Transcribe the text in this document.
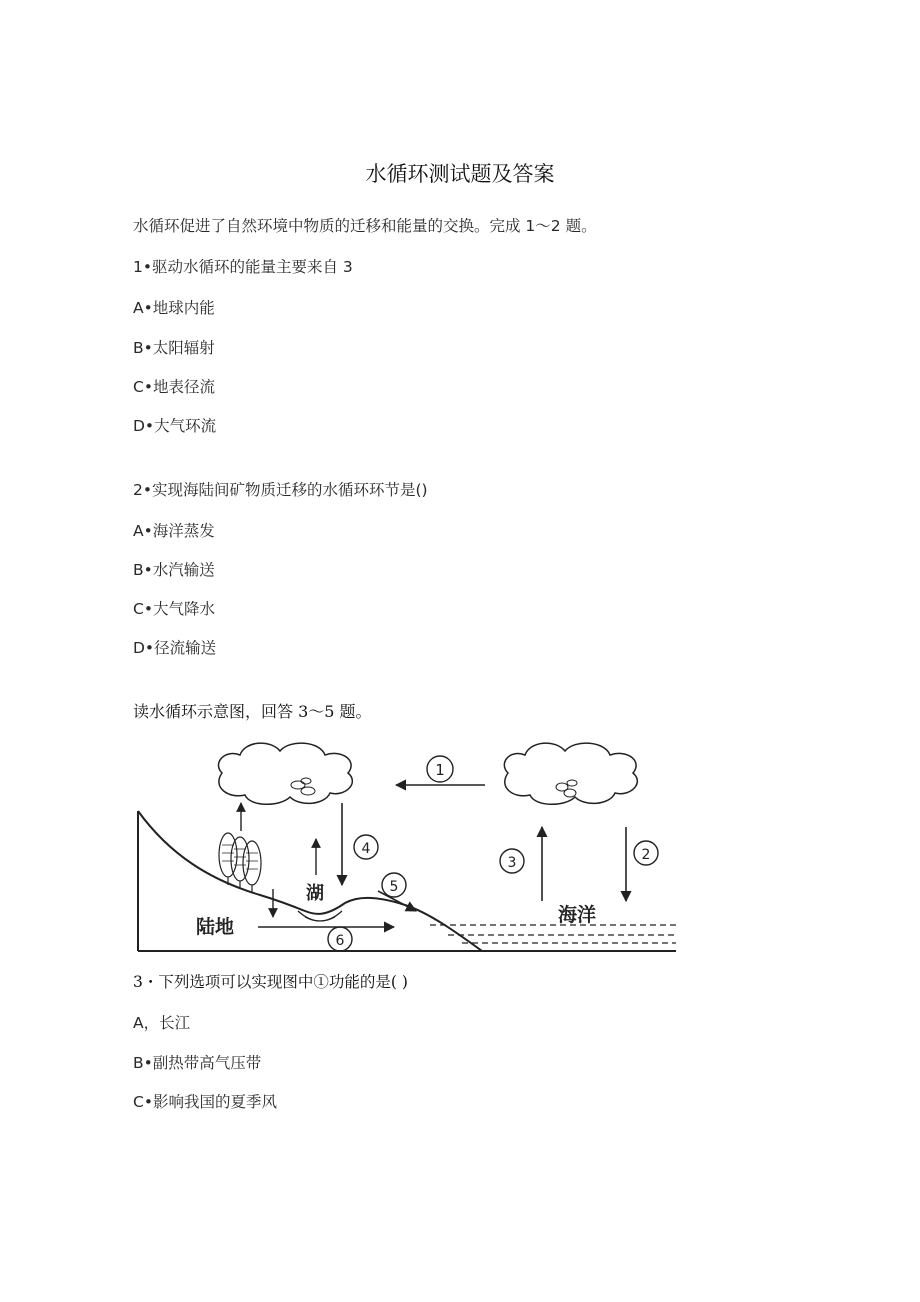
水循环测试题及答案
水循环促进了自然环境中物质的迁移和能量的交换。完成 1～2 题。
1•驱动水循环的能量主要来自 3
A•地球内能
B•太阳辐射
C•地表径流
D•大气环流
2•实现海陆间矿物质迁移的水循环环节是()
A•海洋蒸发
B•水汽输送
C•大气降水
D•径流输送
读水循环示意图，回答 3～5 题。
1
2
3
4
5
6
陆地
湖
海洋
3・下列选项可以实现图中①功能的是( )
A，长江
B•副热带高气压带
C•影响我国的夏季风
